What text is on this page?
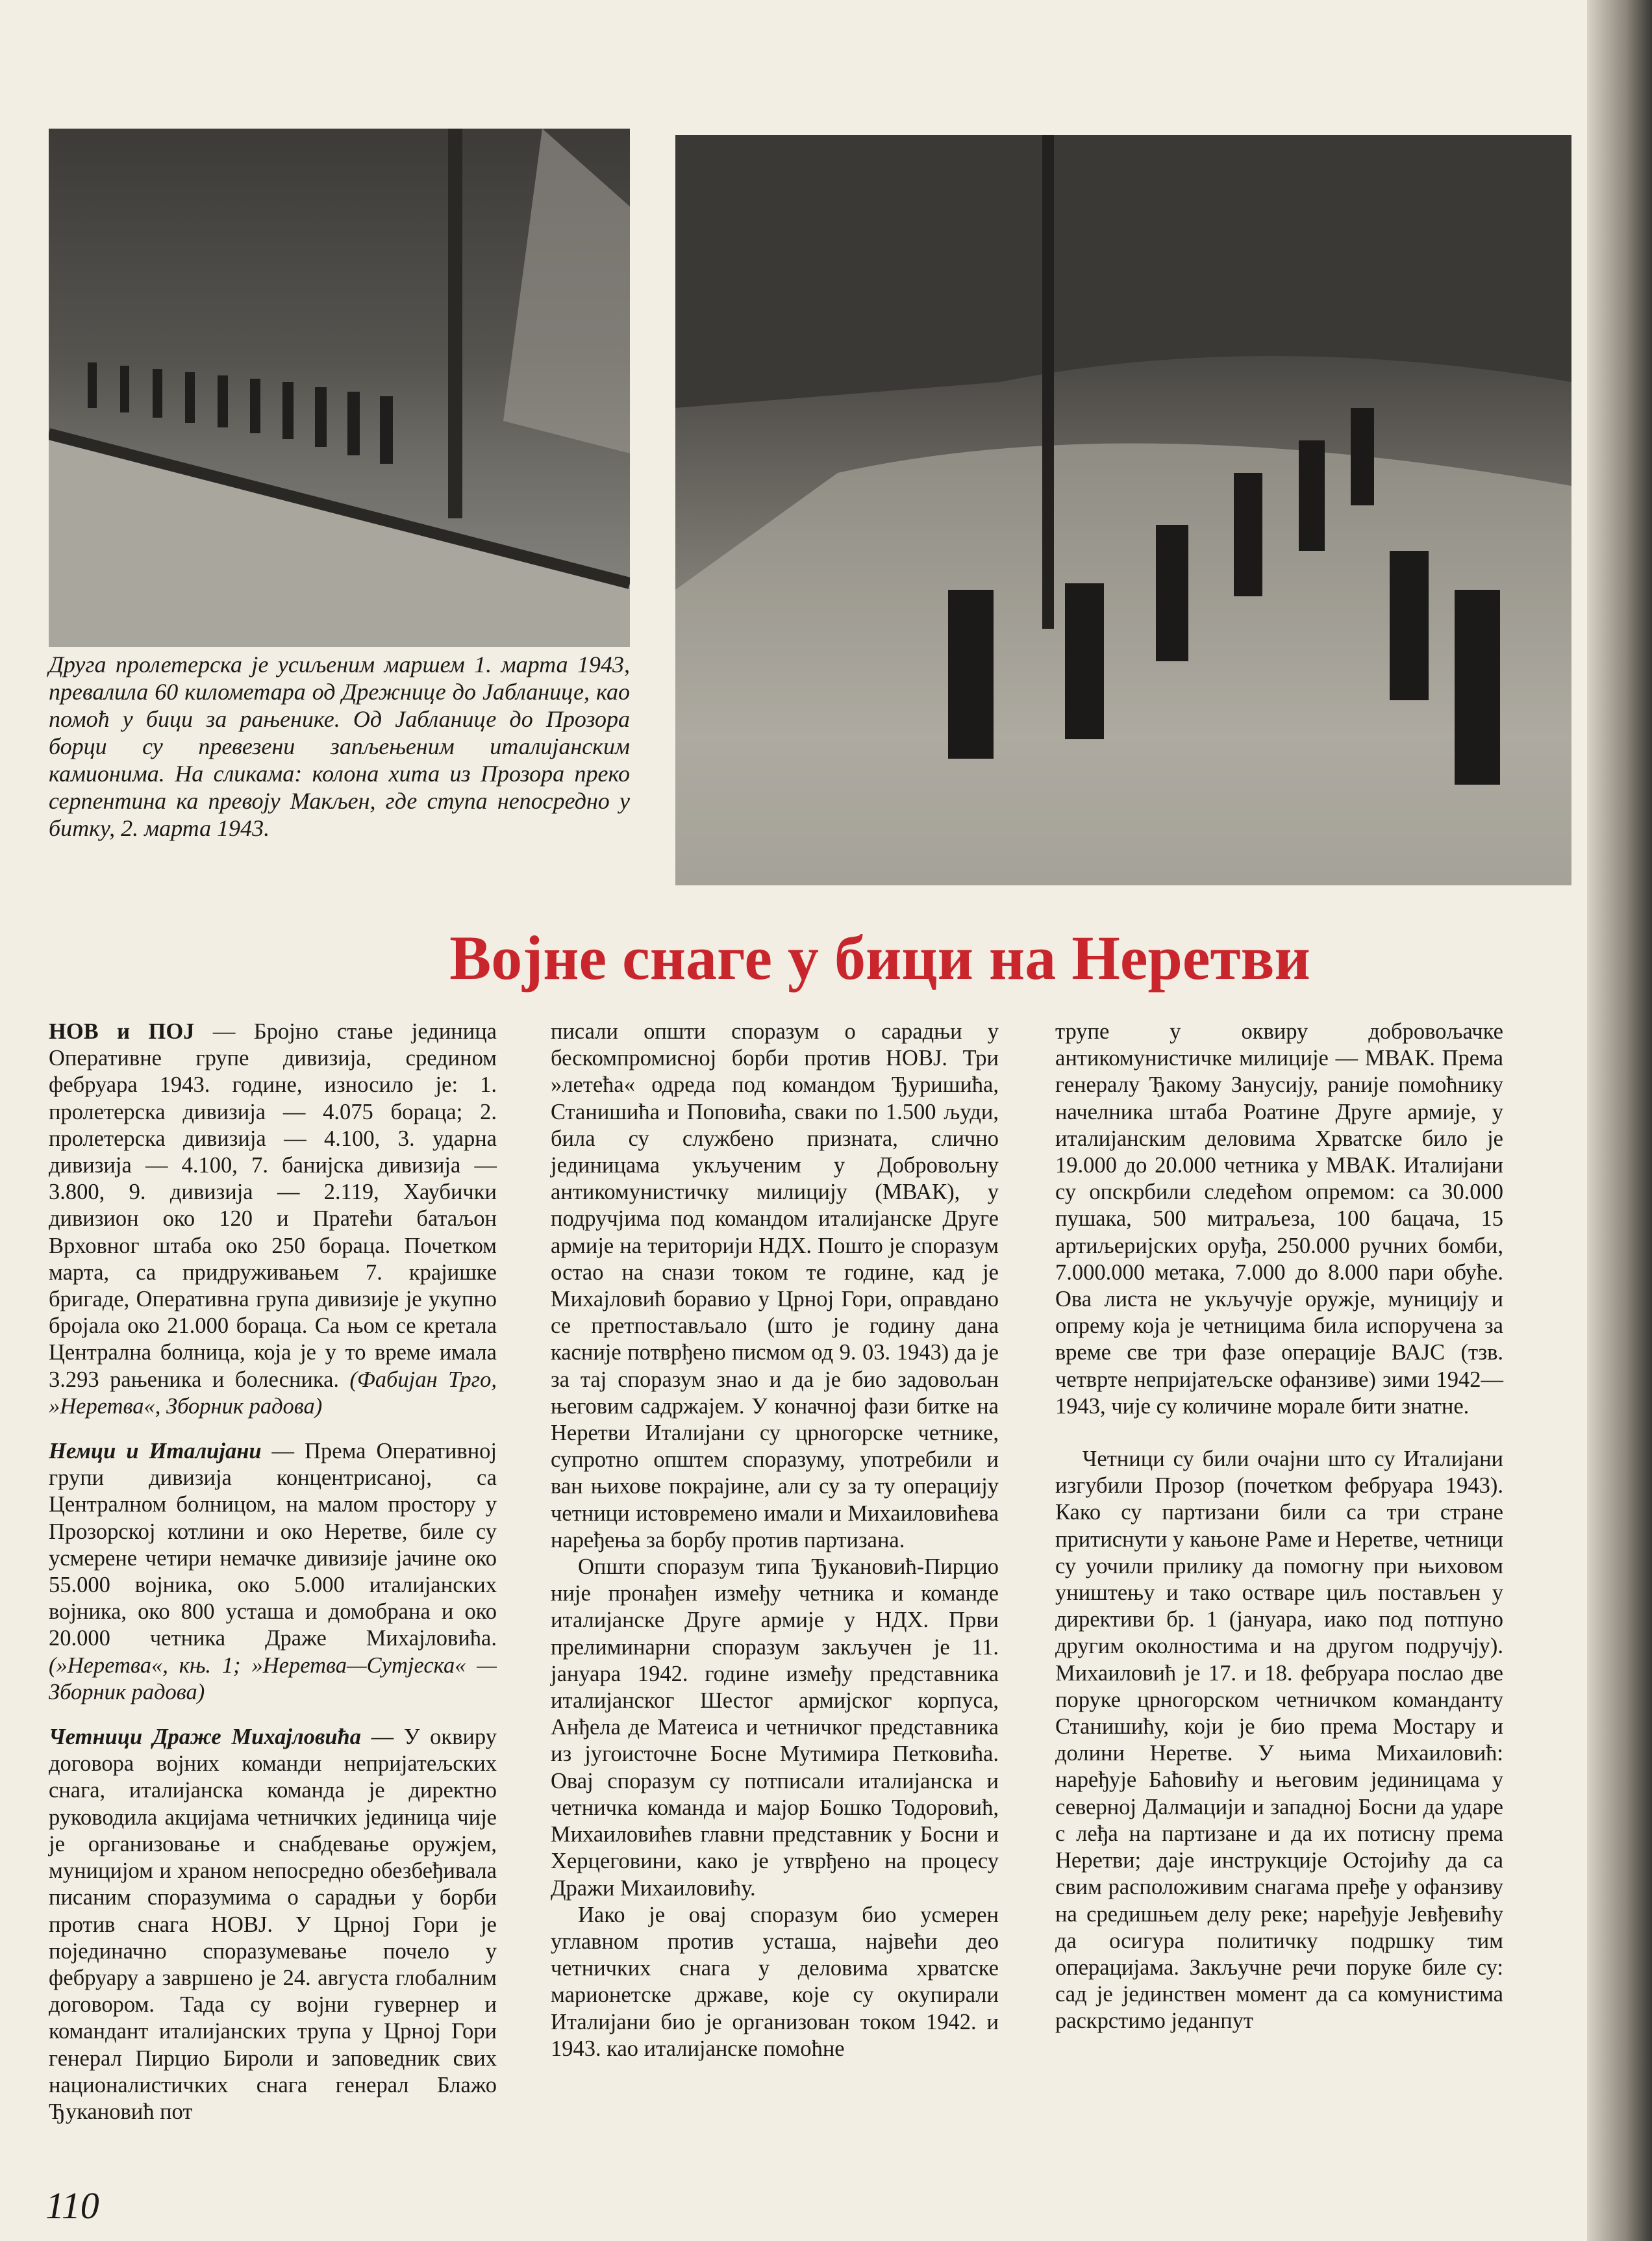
Друга пролетерска је усиљеним маршем 1. марта 1943, превалила 60 километара од Дрежнице до Јабланице, као помоћ у бици за рањенике. Од Јабланице до Прозора борци су превезени запљењеним италијанским камионима. На сликама: колона хита из Прозора преко серпентина ка превоју Макљен, где ступа непосредно у битку, 2. марта 1943.
Војне снаге у бици на Неретви

НОВ и ПОЈ — Бројно стање јединица Оперативне групе дивизија, средином фебруара 1943. године, износило је: 1. пролетерска дивизија — 4.075 бораца; 2. пролетерска дивизија — 4.100, 3. ударна дивизија — 4.100, 7. банијска дивизија — 3.800, 9. дивизија — 2.119, Хаубички дивизион око 120 и Пратећи батаљон Врховног штаба око 250 бораца. Почетком марта, са придруживањем 7. крајишке бригаде, Оперативна група дивизије је укупно бројала око 21.000 бораца. Са њом се кретала Централна болница, која је у то време имала 3.293 рањеника и болесника. (Фабијан Трго, »Неретва«, Зборник радова)

Немци и Италијани — Према Оперативној групи дивизија концентрисаној, са Централном болницом, на малом простору у Прозорској котлини и око Неретве, биле су усмерене четири немачке дивизије јачине око 55.000 војника, око 5.000 италијанских војника, око 800 усташа и домобрана и око 20.000 четника Драже Михајловића. (»Неретва«, књ. 1; »Неретва—Сутјеска« — Зборник радова)

Четници Драже Михајловића — У оквиру договора војних команди непријатељских снага, италијанска команда је директно руководила акцијама четничких јединица чије је организовање и снабдевање оружјем, муницијом и храном непосредно обезбеђивала писаним споразумима о сарадњи у борби против снага НОВЈ. У Црној Гори је појединачно споразумевање почело у фебруару а завршено је 24. августа глобалним договором. Тада су војни гувернер и командант италијанских трупа у Црној Гори генерал Пирцио Бироли и заповедник свих националистичких снага генерал Блажо Ђукановић пот

писали општи споразум о сарадњи у бескомпромисној борби против НОВЈ. Три »летећа« одреда под командом Ђуришића, Станишића и Поповића, сваки по 1.500 људи, била су службено призната, слично јединицама укљученим у Добровољну антикомунистичку милицију (МВАК), у подручјима под командом италијанске Друге армије на територији НДХ. Пошто је споразум остао на снази током те године, кад је Михајловић боравио у Црној Гори, оправдано се претпостављало (што је годину дана касније потврђено писмом од 9. 03. 1943) да је за тај споразум знао и да је био задовољан његовим садржајем. У коначној фази битке на Неретви Италијани су црногорске четнике, супротно општем споразуму, употребили и ван њихове покрајине, али су за ту операцију четници истовремено имали и Михаиловићева наређења за борбу против партизана.

Општи споразум типа Ђукановић-Пирцио није пронађен између четника и команде италијанске Друге армије у НДХ. Први прелиминарни споразум закључен је 11. јануара 1942. године између представника италијанског Шестог армијског корпуса, Анђела де Матеиса и четничког представника из југоисточне Босне Мутимира Петковића. Овај споразум су потписали италијанска и четничка команда и мајор Бошко Тодоровић, Михаиловићев главни представник у Босни и Херцеговини, како је утврђено на процесу Дражи Михаиловићу.

Иако је овај споразум био усмерен углавном против усташа, највећи део четничких снага у деловима хрватске марионетске државе, које су окупирали Италијани био је организован током 1942. и 1943. као италијанске помоћне

трупе у оквиру добровољачке антикомунистичке милиције — МВАК. Према генералу Ђакому Занусију, раније помоћнику начелника штаба Роатине Друге армије, у италијанским деловима Хрватске било је 19.000 до 20.000 четника у МВАК. Италијани су опскрбили следећом опремом: са 30.000 пушака, 500 митраљеза, 100 бацача, 15 артиљеријских оруђа, 250.000 ручних бомби, 7.000.000 метака, 7.000 до 8.000 пари обуће. Ова листа не укључује оружје, муницију и опрему која је четницима била испоручена за време све три фазе операције ВАЈС (тзв. четврте непријатељске офанзиве) зими 1942—1943, чије су количине морале бити знатне.

Четници су били очајни што су Италијани изгубили Прозор (почетком фебруара 1943). Како су партизани били са три стране притиснути у кањоне Раме и Неретве, четници су уочили прилику да помогну при њиховом уништењу и тако остваре циљ постављен у директиви бр. 1 (јануара, иако под потпуно другим околностима и на другом подручју). Михаиловић је 17. и 18. фебруара послао две поруке црногорском четничком команданту Станишићу, који је био према Мостару и долини Неретве. У њима Михаиловић: наређује Баћовићу и његовим јединицама у северној Далмацији и западној Босни да ударе с леђа на партизане и да их потисну према Неретви; даје инструкције Остојићу да са свим расположивим снагама пређе у офанзиву на средишњем делу реке; наређује Јевђевићу да осигура политичку подршку тим операцијама. Закључне речи поруке биле су: сад је јединствен момент да са комунистима раскрстимо једанпут

110
